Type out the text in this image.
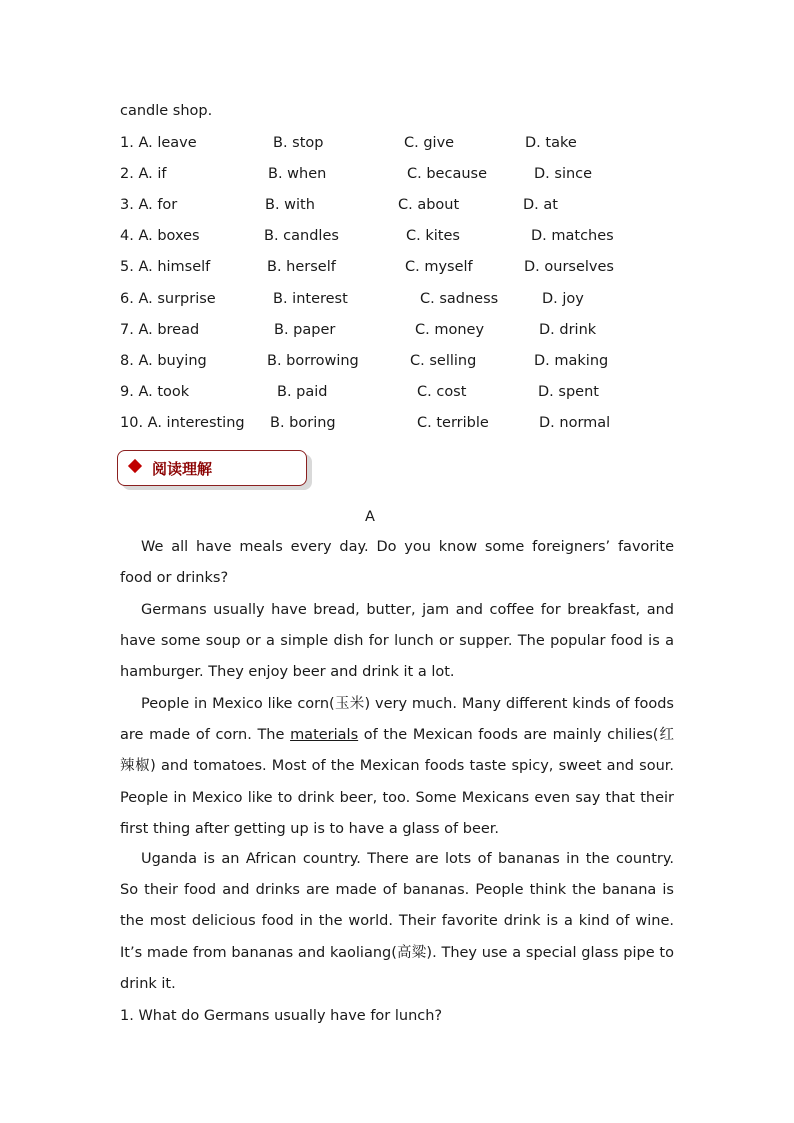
candle shop.
1. A. leave	B. stop	C. give	D. take
2. A. if	B. when	C. because	D. since
3. A. for	B. with	C. about	D. at
4. A. boxes	B. candles	C. kites	D. matches
5. A. himself	B. herself	C. myself	D. ourselves
6. A. surprise	B. interest	C. sadness	D. joy
7. A. bread	B. paper	C. money	D. drink
8. A. buying	B. borrowing	C. selling	D. making
9. A. took	B. paid	C. cost	D. spent
10. A. interesting B. boring	C. terrible	D. normal
阅读理解
A
We all have meals every day. Do you know some foreigners’ favorite food or drinks?
Germans usually have bread, butter, jam and coffee for breakfast, and have some soup or a simple dish for lunch or supper. The popular food is a hamburger. They enjoy beer and drink it a lot.
People in Mexico like corn(玉米) very much. Many different kinds of foods are made of corn. The materials of the Mexican foods are mainly chilies(红辣椒) and tomatoes. Most of the Mexican foods taste spicy, sweet and sour. People in Mexico like to drink beer, too. Some Mexicans even say that their first thing after getting up is to have a glass of beer.
Uganda is an African country. There are lots of bananas in the country. So their food and drinks are made of bananas. People think the banana is the most delicious food in the world. Their favorite drink is a kind of wine. It’s made from bananas and kaoliang(高粱). They use a special glass pipe to drink it.
1. What do Germans usually have for lunch?
